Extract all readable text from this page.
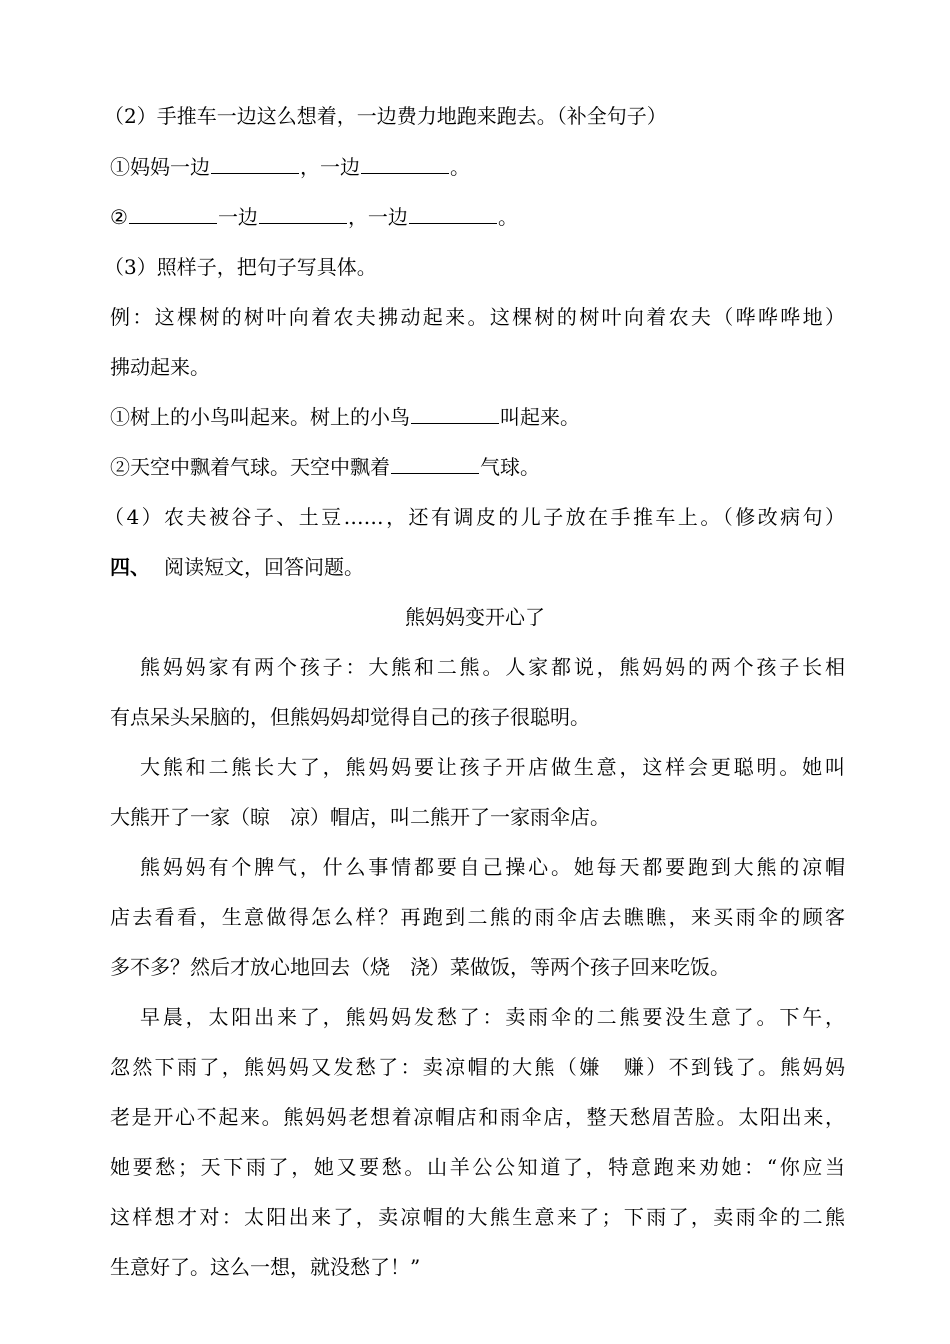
（2）手推车一边这么想着，一边费力地跑来跑去。（补全句子）
①妈妈一边	，一边	。
②	一边	，一边	。
（3）照样子，把句子写具体。
例：这棵树的树叶向着农夫拂动起来。这棵树的树叶向着农夫（哗哗哗地）
拂动起来。
①树上的小鸟叫起来。树上的小鸟	叫起来。
②天空中飘着气球。天空中飘着	气球。
（4）农夫被谷子、土豆……，还有调皮的儿子放在手推车上。（修改病句）
四、 阅读短文，回答问题。
熊妈妈变开心了
熊妈妈家有两个孩子：大熊和二熊。人家都说，熊妈妈的两个孩子长相
有点呆头呆脑的，但熊妈妈却觉得自己的孩子很聪明。
大熊和二熊长大了，熊妈妈要让孩子开店做生意，这样会更聪明。她叫
大熊开了一家（晾　凉）帽店，叫二熊开了一家雨伞店。
熊妈妈有个脾气，什么事情都要自己操心。她每天都要跑到大熊的凉帽
店去看看，生意做得怎么样？再跑到二熊的雨伞店去瞧瞧，来买雨伞的顾客
多不多？然后才放心地回去（烧　浇）菜做饭，等两个孩子回来吃饭。
早晨，太阳出来了，熊妈妈发愁了：卖雨伞的二熊要没生意了。下午，
忽然下雨了，熊妈妈又发愁了：卖凉帽的大熊（嫌　赚）不到钱了。熊妈妈
老是开心不起来。熊妈妈老想着凉帽店和雨伞店，整天愁眉苦脸。太阳出来，
她要愁；天下雨了，她又要愁。山羊公公知道了，特意跑来劝她：“你应当
这样想才对：太阳出来了，卖凉帽的大熊生意来了；下雨了，卖雨伞的二熊
生意好了。这么一想，就没愁了！”
